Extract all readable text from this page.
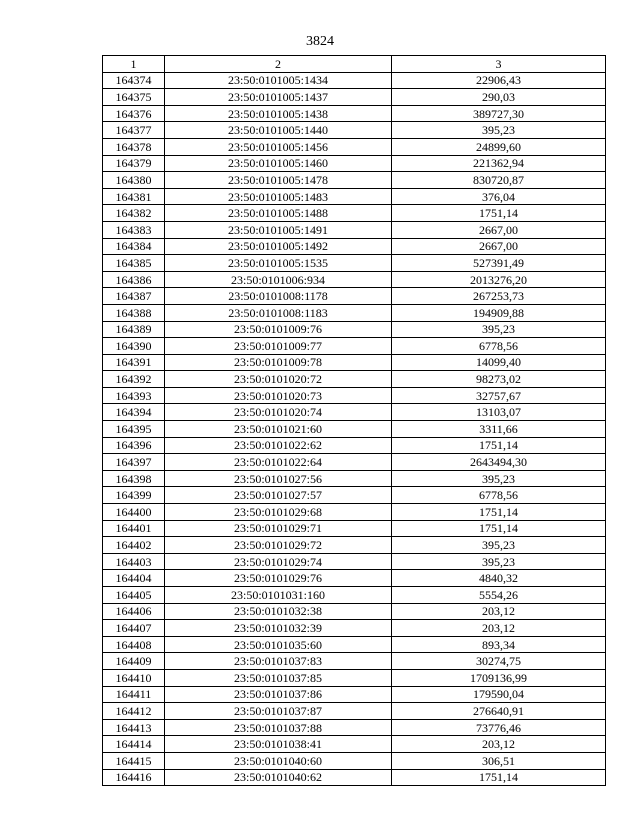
3824
1	2	3
164374	23:50:0101005:1434	22906,43
164375	23:50:0101005:1437	290,03
164376	23:50:0101005:1438	389727,30
164377	23:50:0101005:1440	395,23
164378	23:50:0101005:1456	24899,60
164379	23:50:0101005:1460	221362,94
164380	23:50:0101005:1478	830720,87
164381	23:50:0101005:1483	376,04
164382	23:50:0101005:1488	1751,14
164383	23:50:0101005:1491	2667,00
164384	23:50:0101005:1492	2667,00
164385	23:50:0101005:1535	527391,49
164386	23:50:0101006:934	2013276,20
164387	23:50:0101008:1178	267253,73
164388	23:50:0101008:1183	194909,88
164389	23:50:0101009:76	395,23
164390	23:50:0101009:77	6778,56
164391	23:50:0101009:78	14099,40
164392	23:50:0101020:72	98273,02
164393	23:50:0101020:73	32757,67
164394	23:50:0101020:74	13103,07
164395	23:50:0101021:60	3311,66
164396	23:50:0101022:62	1751,14
164397	23:50:0101022:64	2643494,30
164398	23:50:0101027:56	395,23
164399	23:50:0101027:57	6778,56
164400	23:50:0101029:68	1751,14
164401	23:50:0101029:71	1751,14
164402	23:50:0101029:72	395,23
164403	23:50:0101029:74	395,23
164404	23:50:0101029:76	4840,32
164405	23:50:0101031:160	5554,26
164406	23:50:0101032:38	203,12
164407	23:50:0101032:39	203,12
164408	23:50:0101035:60	893,34
164409	23:50:0101037:83	30274,75
164410	23:50:0101037:85	1709136,99
164411	23:50:0101037:86	179590,04
164412	23:50:0101037:87	276640,91
164413	23:50:0101037:88	73776,46
164414	23:50:0101038:41	203,12
164415	23:50:0101040:60	306,51
164416	23:50:0101040:62	1751,14
